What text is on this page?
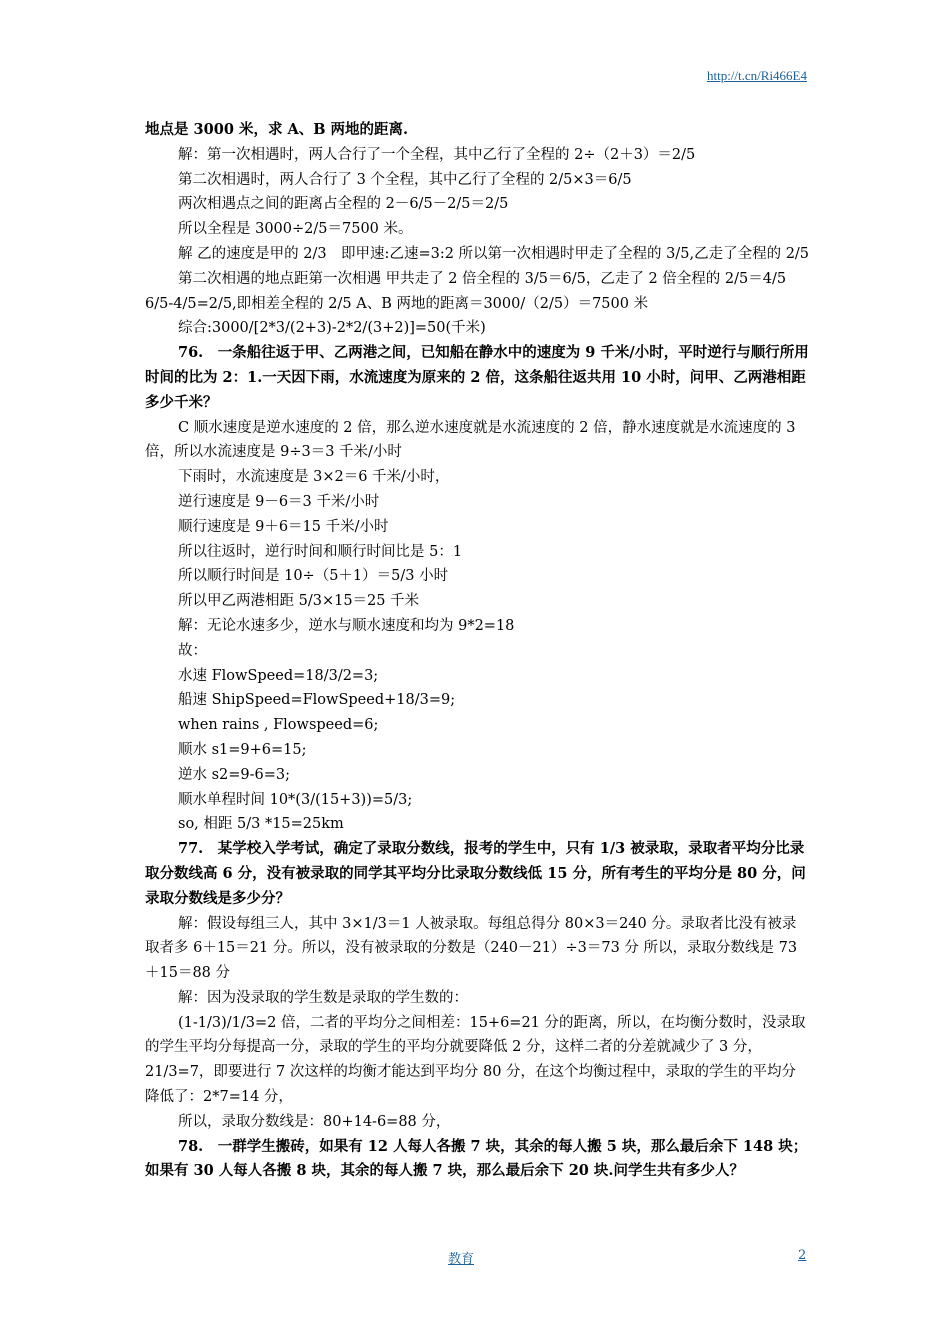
http://t.cn/Ri466E4

地点是 3000 米，求 A、B 两地的距离.

解：第一次相遇时，两人合行了一个全程，其中乙行了全程的 2÷（2＋3）＝2/5

第二次相遇时，两人合行了 3 个全程，其中乙行了全程的 2/5×3＝6/5

两次相遇点之间的距离占全程的 2－6/5－2/5＝2/5

所以全程是 3000÷2/5＝7500 米。

解 乙的速度是甲的 2/3　即甲速:乙速=3:2 所以第一次相遇时甲走了全程的 3/5,乙走了全程的 2/5

第二次相遇的地点距第一次相遇 甲共走了 2 倍全程的 3/5＝6/5，乙走了 2 倍全程的 2/5＝4/5 6/5-4/5=2/5,即相差全程的 2/5 A、B 两地的距离＝3000/（2/5）＝7500 米

综合:3000/[2*3/(2+3)-2*2/(3+2)]=50(千米)

76.　一条船往返于甲、乙两港之间，已知船在静水中的速度为 9 千米/小时，平时逆行与顺行所用时间的比为 2：1.一天因下雨，水流速度为原来的 2 倍，这条船往返共用 10 小时，问甲、乙两港相距多少千米？

C 顺水速度是逆水速度的 2 倍，那么逆水速度就是水流速度的 2 倍，静水速度就是水流速度的 3 倍，所以水流速度是 9÷3＝3 千米/小时

下雨时，水流速度是 3×2＝6 千米/小时，

逆行速度是 9－6＝3 千米/小时

顺行速度是 9＋6＝15 千米/小时

所以往返时，逆行时间和顺行时间比是 5：1

所以顺行时间是 10÷（5＋1）＝5/3 小时

所以甲乙两港相距 5/3×15＝25 千米

解：无论水速多少，逆水与顺水速度和均为 9*2=18

故：

水速 FlowSpeed=18/3/2=3;

船速 ShipSpeed=FlowSpeed+18/3=9;

when rains , Flowspeed=6;

顺水 s1=9+6=15;

逆水 s2=9-6=3;

顺水单程时间 10*(3/(15+3))=5/3;

so, 相距 5/3 *15=25km

77.　某学校入学考试，确定了录取分数线，报考的学生中，只有 1/3 被录取，录取者平均分比录取分数线高 6 分，没有被录取的同学其平均分比录取分数线低 15 分，所有考生的平均分是 80 分，问录取分数线是多少分？

解：假设每组三人，其中 3×1/3＝1 人被录取。每组总得分 80×3＝240 分。录取者比没有被录取者多 6＋15＝21 分。所以，没有被录取的分数是（240－21）÷3＝73 分 所以，录取分数线是 73＋15＝88 分

解：因为没录取的学生数是录取的学生数的：

(1-1/3)/1/3=2 倍，二者的平均分之间相差：15+6=21 分的距离，所以，在均衡分数时，没录取的学生平均分每提高一分，录取的学生的平均分就要降低 2 分，这样二者的分差就减少了 3 分，21/3=7，即要进行 7 次这样的均衡才能达到平均分 80 分，在这个均衡过程中，录取的学生的平均分降低了：2*7=14 分，

所以，录取分数线是：80+14-6=88 分，

78.　一群学生搬砖，如果有 12 人每人各搬 7 块，其余的每人搬 5 块，那么最后余下 148 块；如果有 30 人每人各搬 8 块，其余的每人搬 7 块，那么最后余下 20 块.问学生共有多少人？

教育	2
